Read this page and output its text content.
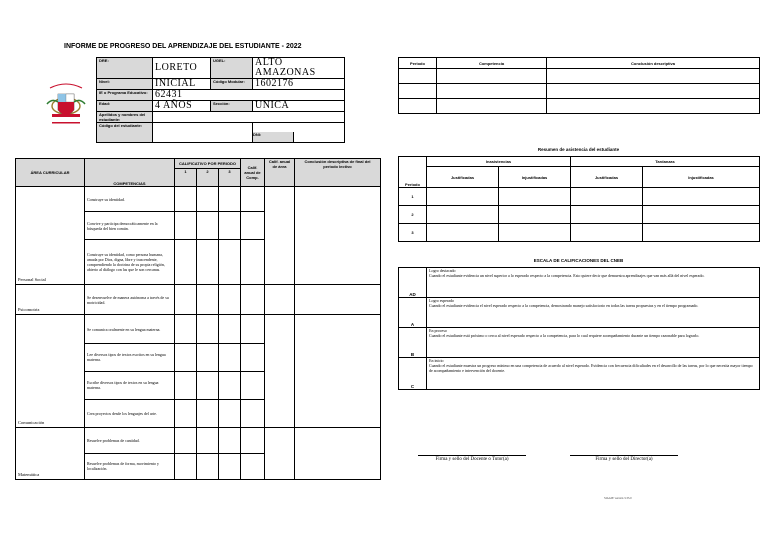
INFORME DE PROGRESO DEL APRENDIZAJE DEL ESTUDIANTE - 2022
DRE:	LORETO	UGEL:	ALTO AMAZONAS
Nivel:	INICIAL	Código Modular:	1602176
IE o Programa Educativo:	62431		
Edad:	4 AÑOS	Sección:	UNICA
Apellidos y nombres del estudiante:			
Código del estudiante:			DNI:
Periodo	Competencia	Conclusión descriptiva

ÁREA CURRICULAR	COMPETENCIAS	CALIFICATIVO POR PERIODO			Calif. anual de Comp.	Calif. anual de área	Conclusión descriptiva de final del periodo lectivo
		1	2	3			
Personal Social	Construye su identidad.						
	Convive y participa democráticamente en la búsqueda del bien común.						
	Construye su identidad, como persona humana, amada por Dios, digna, libre y trascendente, comprendiendo la doctrina de su propia religión, abierto al diálogo con las que le son cercanas.						
Psicomotriz	Se desenvuelve de manera autónoma a través de su motricidad.						
Comunicación	Se comunica oralmente en su lengua materna.						
	Lee diversos tipos de textos escritos en su lengua materna.						
	Escribe diversos tipos de textos en su lengua materna.						
	Crea proyectos desde los lenguajes del arte.						
Matemática	Resuelve problemas de cantidad.						
	Resuelve problemas de forma, movimiento y localización.						
Resumen de asistencia del estudiante
Periodo	Inasistencias		Tardanzas	
	Justificadas	Injustificadas	Justificadas	Injustificadas
1				
2				
3				
ESCALA DE CALIFICACIONES DEL CNEB
AD	Logro destacado
Cuando el estudiante evidencia un nivel superior a lo esperado respecto a la competencia. Esto quiere decir que demuestra aprendizajes que van más allá del nivel esperado.

A	Logro esperado
Cuando el estudiante evidencia el nivel esperado respecto a la competencia, demostrando manejo satisfactorio en todas las tareas propuestas y en el tiempo programado.

B	En proceso
Cuando el estudiante está próximo o cerca al nivel esperado respecto a la competencia, para lo cual requiere acompañamiento durante un tiempo razonable para lograrlo.

C	En inicio
Cuando el estudiante muestra un progreso mínimo en una competencia de acuerdo al nivel esperado. Evidencia con frecuencia dificultades en el desarrollo de las tareas, por lo que necesita mayor tiempo de acompañamiento e intervención del docente.
Firma y sello del Docente o Tutor(a)	Firma y sello del Director(a)
SIAGIE versión 3.33.0
